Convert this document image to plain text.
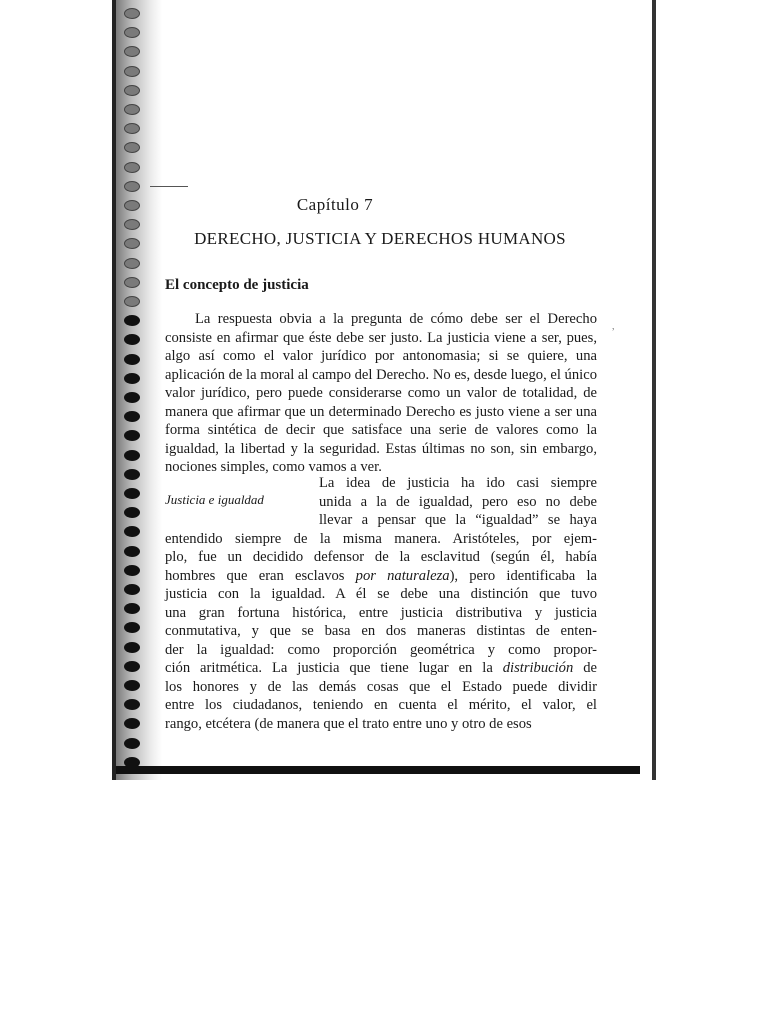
,
Capítulo 7
DERECHO, JUSTICIA Y DERECHOS HUMANOS
El concepto de justicia

La respuesta obvia a la pregunta de cómo debe ser el Derecho consiste en afirmar que éste debe ser justo. La justicia viene a ser, pues, algo así como el valor jurídico por antonomasia; si se quiere, una aplicación de la moral al campo del Derecho. No es, desde luego, el único valor jurídico, pero puede considerarse como un valor de totalidad, de manera que afirmar que un determinado Derecho es justo viene a ser una forma sintética de decir que satisface una serie de valores como la igualdad, la libertad y la seguridad. Estas últimas no son, sin embargo, nociones simples, como vamos a ver.

Justicia e igualdad
La idea de justicia ha ido casi siempre
unida a la de igualdad, pero eso no debe
llevar a pensar que la “igualdad” se haya
entendido siempre de la misma manera. Aristóteles, por ejem-
plo, fue un decidido defensor de la esclavitud (según él, había
hombres que eran esclavos por naturaleza), pero identificaba la
justicia con la igualdad. A él se debe una distinción que tuvo
una gran fortuna histórica, entre justicia distributiva y justicia
conmutativa, y que se basa en dos maneras distintas de enten-
der la igualdad: como proporción geométrica y como propor-
ción aritmética. La justicia que tiene lugar en la distribución de
los honores y de las demás cosas que el Estado puede dividir
entre los ciudadanos, teniendo en cuenta el mérito, el valor, el
rango, etcétera (de manera que el trato entre uno y otro de esos
